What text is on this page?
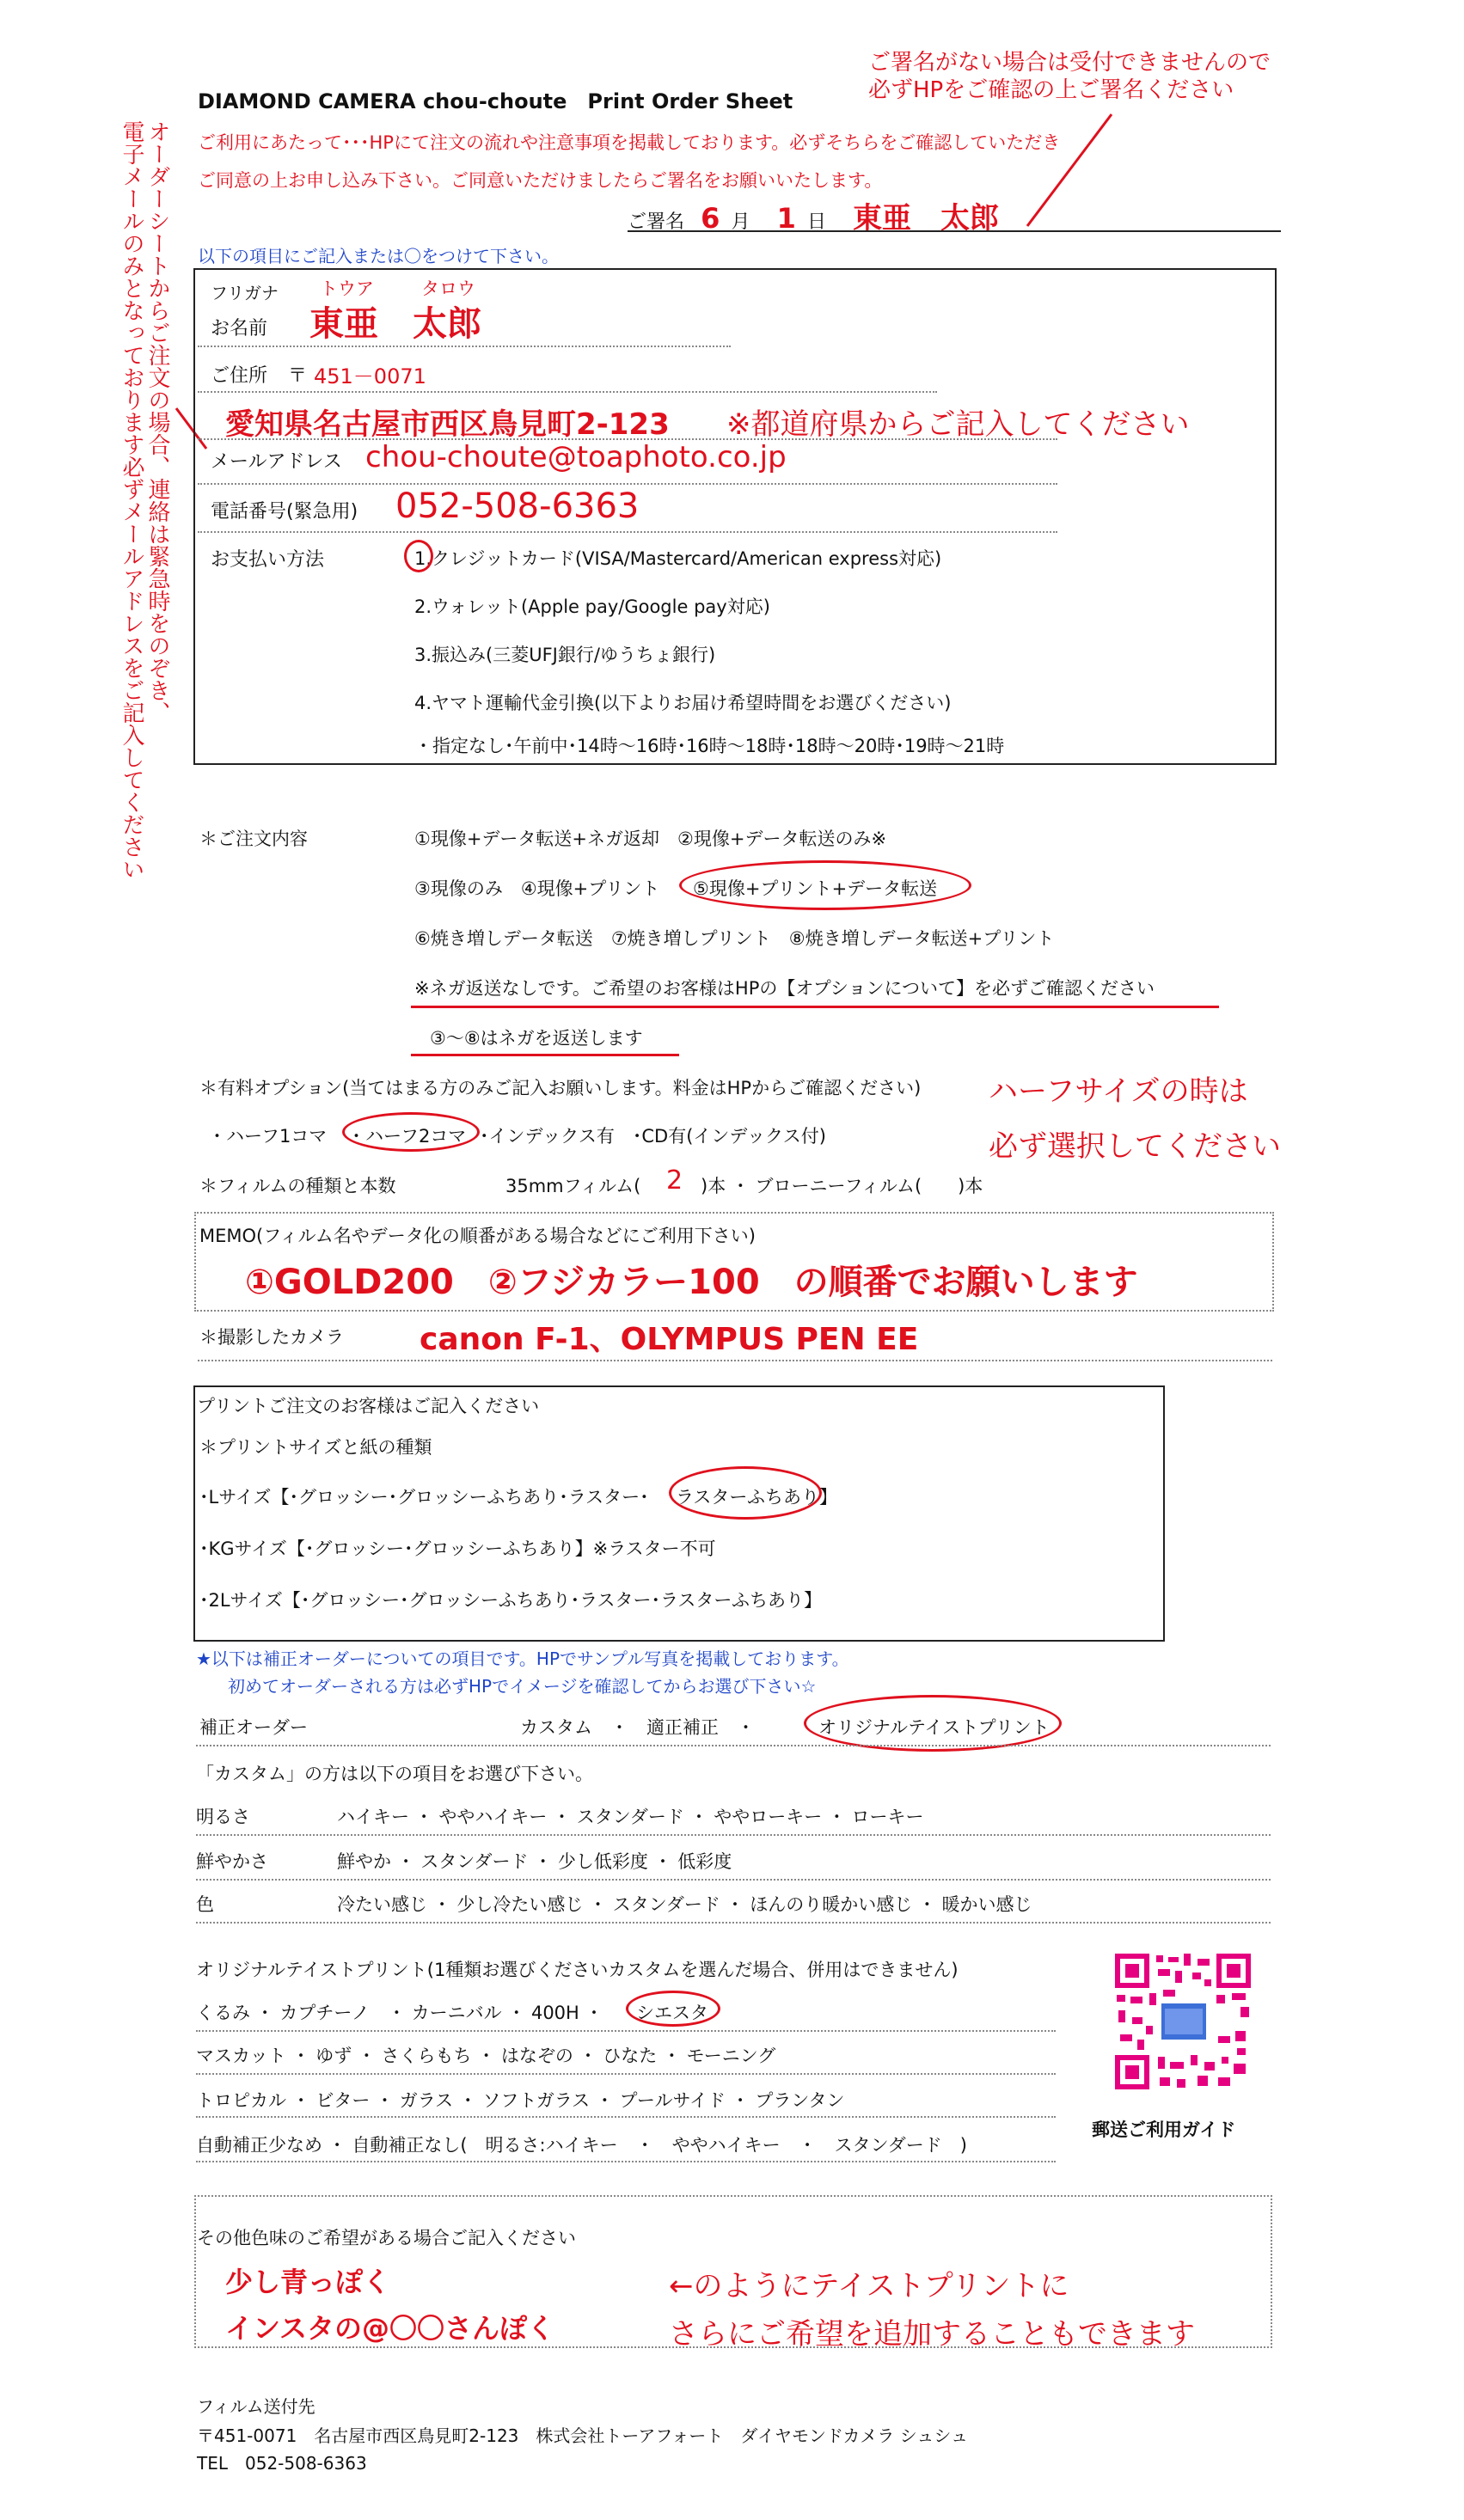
ご署名がない場合は受付できませんので
必ずHPをご確認の上ご署名ください
DIAMOND CAMERA chou-choute　Print Order Sheet
ご利用にあたって･･･HPにて注文の流れや注意事項を掲載しております。必ずそちらをご確認していただき
ご同意の上お申し込み下さい。ご同意いただけましたらご署名をお願いいたします。
ご署名 6 月 1 日 東亜　太郎
以下の項目にご記入または〇をつけて下さい。
オーダーシートからご注文の場合、連絡は緊急時をのぞき、
電子メールのみとなっております必ずメールアドレスをご記入してください	フリガナ トウア	タロウ
お名前 東亜　太郎
ご住所 〒 451－0071
愛知県名古屋市西区鳥見町2-123 ※都道府県からご記入してください
メールアドレス chou-choute@toaphoto.co.jp
電話番号(緊急用) 052-508-6363
お支払い方法	1.クレジットカード(VISA/Mastercard/American express対応)
2.ウォレット(Apple pay/Google pay対応)
3.振込み(三菱UFJ銀行/ゆうちょ銀行)
4.ヤマト運輸代金引換(以下よりお届け希望時間をお選びください)
・指定なし･午前中･14時～16時･16時～18時･18時～20時･19時～21時
＊ご注文内容	①現像+データ転送+ネガ返却　②現像+データ転送のみ※
③現像のみ　④現像+プリント ⑤現像+プリント+データ転送
⑥焼き増しデータ転送　⑦焼き増しプリント　⑧焼き増しデータ転送+プリント
※ネガ返送なしです。ご希望のお客様はHPの【オプションについて】を必ずご確認ください
③～⑧はネガを返送します
＊有料オプション(当てはまる方のみご記入お願いします。料金はHPからご確認ください) ハーフサイズの時は
必ず選択してください
・ハーフ1コマ ・ハーフ2コマ ･インデックス有　･CD有(インデックス付)
＊フィルムの種類と本数	35mmフィルム( 2 )本 ・ ブローニーフィルム(　　)本
MEMO(フィルム名やデータ化の順番がある場合などにご利用下さい)
①GOLD200　②フジカラー100　の順番でお願いします
＊撮影したカメラ canon F-1、OLYMPUS PEN EE
プリントご注文のお客様はご記入ください
＊プリントサイズと紙の種類
･Lサイズ【･グロッシー･グロッシーふちあり･ラスター･ ラスターふちあり】
･KGサイズ【･グロッシー･グロッシーふちあり】※ラスター不可
･2Lサイズ【･グロッシー･グロッシーふちあり･ラスター･ラスターふちあり】
★以下は補正オーダーについての項目です。HPでサンプル写真を掲載しております。
初めてオーダーされる方は必ずHPでイメージを確認してからお選び下さい☆
補正オーダー	カスタム　・　適正補正　・	オリジナルテイストプリント
「カスタム」の方は以下の項目をお選び下さい。
明るさ	ハイキー ・ ややハイキー ・ スタンダード ・ ややローキー ・ ローキー
鮮やかさ	鮮やか ・ スタンダード ・ 少し低彩度 ・ 低彩度
色	冷たい感じ ・ 少し冷たい感じ ・ スタンダード ・ ほんのり暖かい感じ ・ 暖かい感じ
オリジナルテイストプリント(1種類お選びくださいカスタムを選んだ場合、併用はできません)
くるみ ・ カプチーノ　・ カーニバル ・ 400H ・ シエスタ
マスカット ・ ゆず ・ さくらもち ・ はなぞの ・ ひなた ・ モーニング
トロピカル ・ ビター ・ ガラス ・ ソフトガラス ・ プールサイド ・ プランタン
自動補正少なめ ・ 自動補正なし(　明るさ:ハイキー　・　ややハイキー　・　スタンダード　)
郵送ご利用ガイド
その他色味のご希望がある場合ご記入ください
少し青っぽく
インスタの@〇〇さんぽく
←のようにテイストプリントに
さらにご希望を追加することもできます
フィルム送付先
〒451-0071　名古屋市西区鳥見町2-123　株式会社トーアフォート　ダイヤモンドカメラ シュシュ
TEL　052-508-6363
